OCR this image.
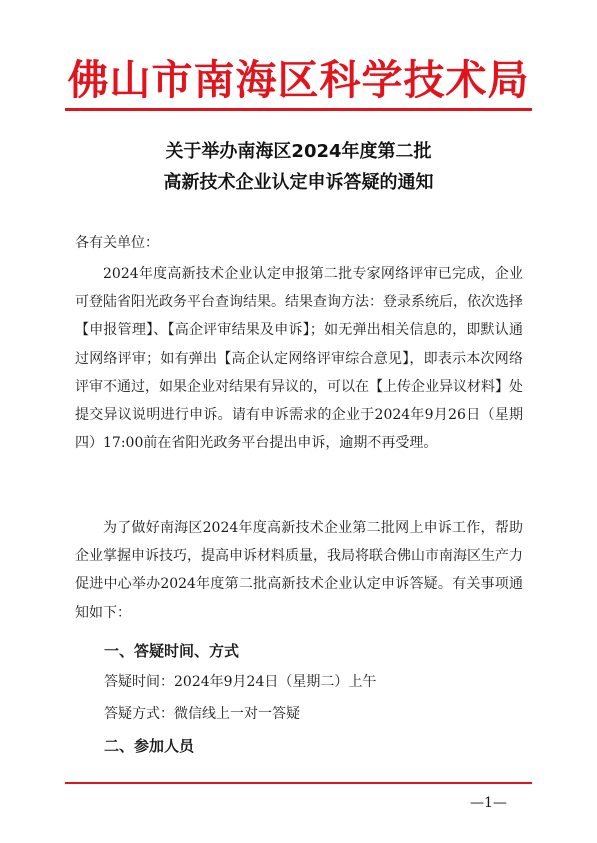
佛山市南海区科学技术局
关于举办南海区2024年度第二批
高新技术企业认定申诉答疑的通知
各有关单位：

2024年度高新技术企业认定申报第二批专家网络评审已完成，企业可登陆省阳光政务平台查询结果。结果查询方法：登录系统后，依次选择【申报管理】、【高企评审结果及申诉】；如无弹出相关信息的，即默认通过网络评审；如有弹出【高企认定网络评审综合意见】，即表示本次网络评审不通过，如果企业对结果有异议的，可以在【上传企业异议材料】处提交异议说明进行申诉。请有申诉需求的企业于2024年9月26日（星期四）17:00前在省阳光政务平台提出申诉，逾期不再受理。

为了做好南海区2024年度高新技术企业第二批网上申诉工作，帮助企业掌握申诉技巧，提高申诉材料质量，我局将联合佛山市南海区生产力促进中心举办2024年度第二批高新技术企业认定申诉答疑。有关事项通知如下：

一、答疑时间、方式
答疑时间：2024年9月24日（星期二）上午
答疑方式：微信线上一对一答疑
二、参加人员
—1—
